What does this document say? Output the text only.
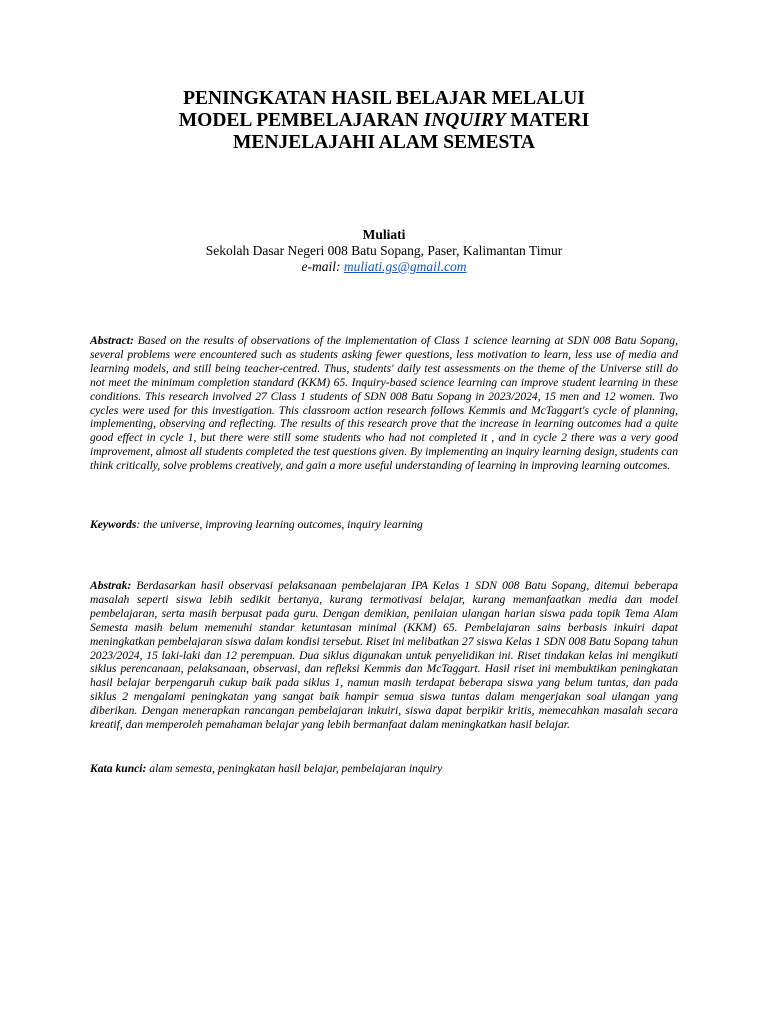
PENINGKATAN HASIL BELAJAR MELALUI
MODEL PEMBELAJARAN INQUIRY MATERI
MENJELAJAHI ALAM SEMESTA
Muliati
Sekolah Dasar Negeri 008 Batu Sopang, Paser, Kalimantan Timur
e-mail: muliati.gs@gmail.com

Abstract: Based on the results of observations of the implementation of Class 1 science learning at SDN 008 Batu Sopang, several problems were encountered such as students asking fewer questions, less motivation to learn, less use of media and learning models, and still being teacher-centred. Thus, students' daily test assessments on the theme of the Universe still do not meet the minimum completion standard (KKM) 65. Inquiry-based science learning can improve student learning in these conditions. This research involved 27 Class 1 students of SDN 008 Batu Sopang in 2023/2024, 15 men and 12 women. Two cycles were used for this investigation. This classroom action research follows Kemmis and McTaggart's cycle of planning, implementing, observing and reflecting. The results of this research prove that the increase in learning outcomes had a quite good effect in cycle 1, but there were still some students who had not completed it , and in cycle 2 there was a very good improvement, almost all students completed the test questions given. By implementing an inquiry learning design, students can think critically, solve problems creatively, and gain a more useful understanding of learning in improving learning outcomes.

Keywords: the universe, improving learning outcomes, inquiry learning

Abstrak: Berdasarkan hasil observasi pelaksanaan pembelajaran IPA Kelas 1 SDN 008 Batu Sopang, ditemui beberapa masalah seperti siswa lebih sedikit bertanya, kurang termotivasi belajar, kurang memanfaatkan media dan model pembelajaran, serta masih berpusat pada guru. Dengan demikian, penilaian ulangan harian siswa pada topik Tema Alam Semesta masih belum memenuhi standar ketuntasan minimal (KKM) 65. Pembelajaran sains berbasis inkuiri dapat meningkatkan pembelajaran siswa dalam kondisi tersebut. Riset ini melibatkan 27 siswa Kelas 1 SDN 008 Batu Sopang tahun 2023/2024, 15 laki-laki dan 12 perempuan. Dua siklus digunakan untuk penyelidikan ini. Riset tindakan kelas ini mengikuti siklus perencanaan, pelaksanaan, observasi, dan refleksi Kemmis dan McTaggart. Hasil riset ini membuktikan peningkatan hasil belajar berpengaruh cukup baik pada siklus 1, namun masih terdapat beberapa siswa yang belum tuntas, dan pada siklus 2 mengalami peningkatan yang sangat baik hampir semua siswa tuntas dalam mengerjakan soal ulangan yang diberikan. Dengan menerapkan rancangan pembelajaran inkuiri, siswa dapat berpikir kritis, memecahkan masalah secara kreatif, dan memperoleh pemahaman belajar yang lebih bermanfaat dalam meningkatkan hasil belajar.

Kata kunci: alam semesta, peningkatan hasil belajar, pembelajaran inquiry
